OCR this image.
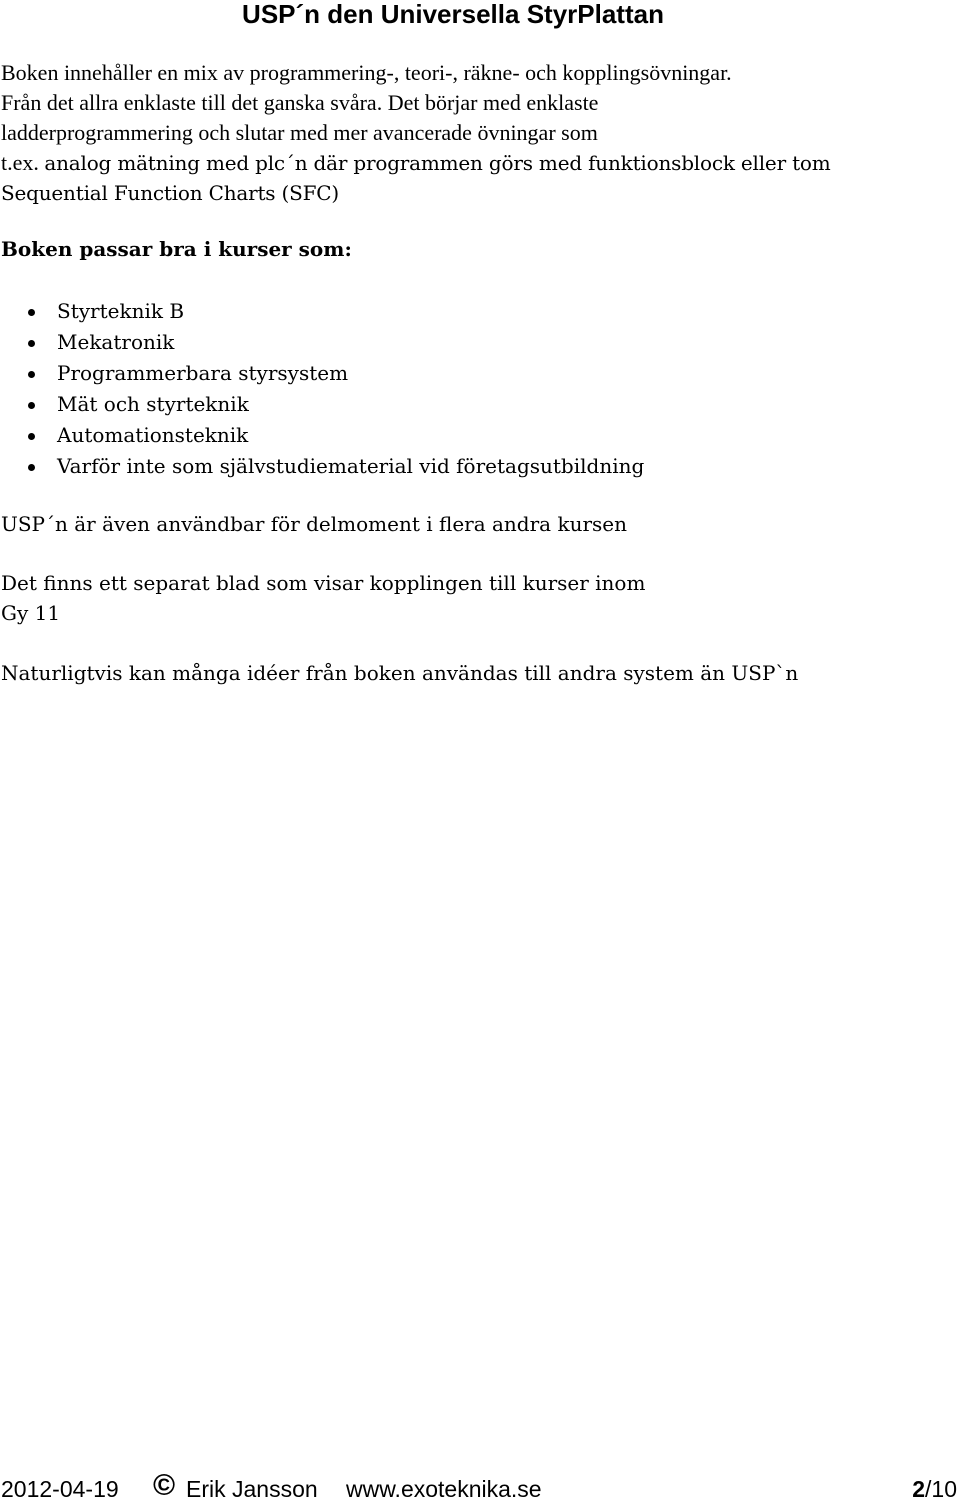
USP´n den Universella StyrPlattan
Boken innehåller en mix av programmering-, teori-, räkne- och kopplingsövningar.
Från det allra enklaste till det ganska svåra. Det börjar med enklaste
ladderprogrammering och slutar med mer avancerade övningar som
t.ex. analog mätning med plc´n där programmen görs med funktionsblock eller tom
Sequential Function Charts (SFC)

Boken passar bra i kurser som:

Styrteknik B
Mekatronik
Programmerbara styrsystem
Mät och styrteknik
Automationsteknik
Varför inte som självstudiematerial vid företagsutbildning

USP´n är även användbar för delmoment i flera andra kursen

Det finns ett separat blad som visar kopplingen till kurser inom

Gy 11

Naturligtvis kan många idéer från boken användas till andra system än USP`n

2012-04-19 © Erik Jansson www.exoteknika.se	2/10
